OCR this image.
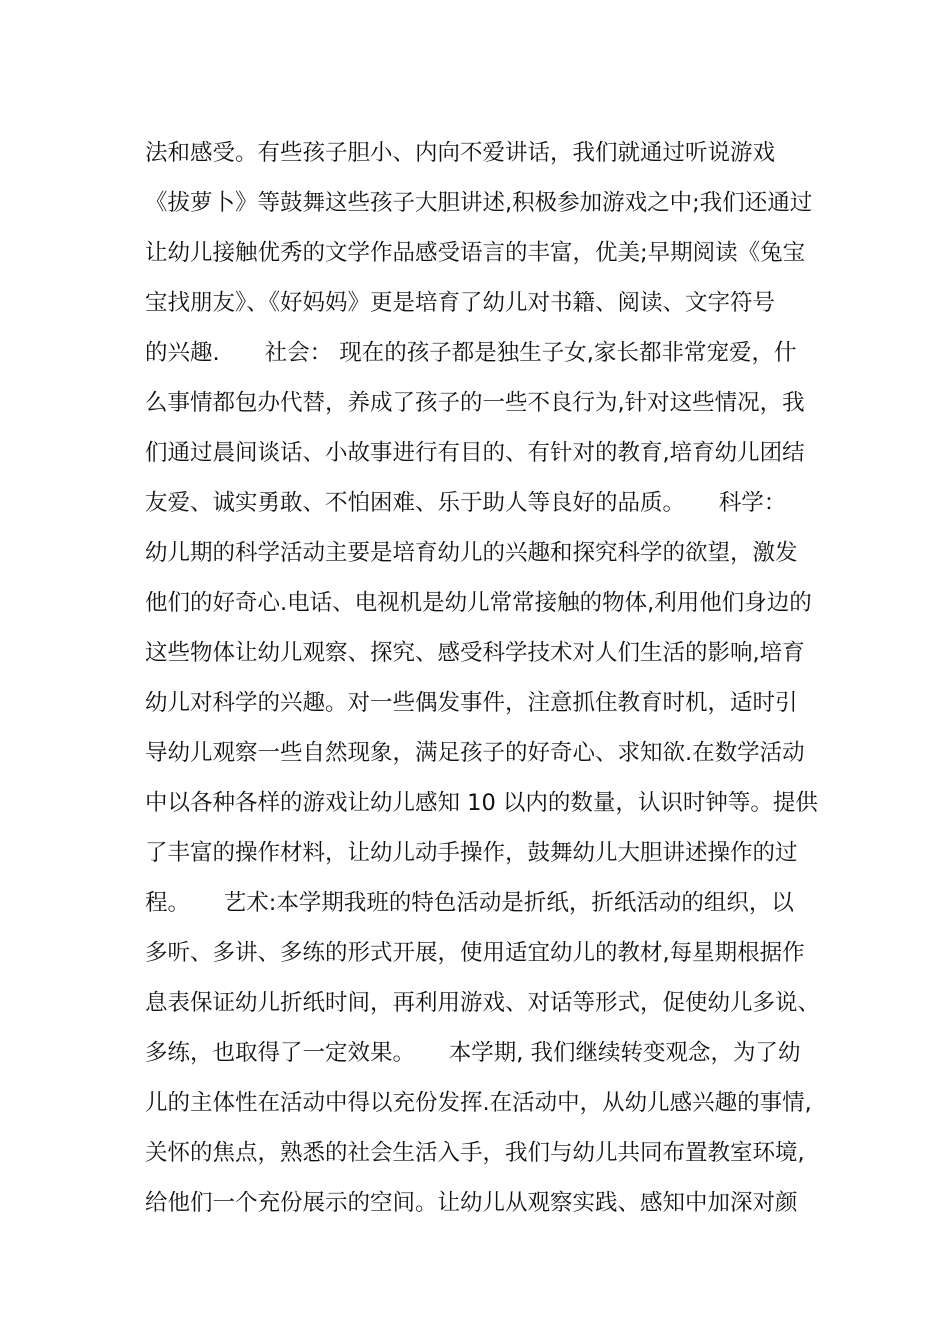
法和感受。有些孩子胆小、内向不爱讲话，我们就通过听说游戏
《拔萝卜》等鼓舞这些孩子大胆讲述,积极参加游戏之中;我们还通过
让幼儿接触优秀的文学作品感受语言的丰富，优美;早期阅读《兔宝
宝找朋友》、《好妈妈》更是培育了幼儿对书籍、阅读、文字符号
的兴趣.　　社会： 现在的孩子都是独生子女,家长都非常宠爱，什
么事情都包办代替，养成了孩子的一些不良行为,针对这些情况，我
们通过晨间谈话、小故事进行有目的、有针对的教育,培育幼儿团结
友爱、诚实勇敢、不怕困难、乐于助人等良好的品质。　　科学：
幼儿期的科学活动主要是培育幼儿的兴趣和探究科学的欲望，激发
他们的好奇心.电话、电视机是幼儿常常接触的物体,利用他们身边的
这些物体让幼儿观察、探究、感受科学技术对人们生活的影响,培育
幼儿对科学的兴趣。对一些偶发事件，注意抓住教育时机，适时引
导幼儿观察一些自然现象，满足孩子的好奇心、求知欲.在数学活动
中以各种各样的游戏让幼儿感知 10 以内的数量，认识时钟等。提供
了丰富的操作材料，让幼儿动手操作，鼓舞幼儿大胆讲述操作的过
程。　　艺术:本学期我班的特色活动是折纸，折纸活动的组织，以
多听、多讲、多练的形式开展，使用适宜幼儿的教材,每星期根据作
息表保证幼儿折纸时间，再利用游戏、对话等形式，促使幼儿多说、
多练，也取得了一定效果。　　本学期, 我们继续转变观念，为了幼
儿的主体性在活动中得以充份发挥.在活动中，从幼儿感兴趣的事情,
关怀的焦点，熟悉的社会生活入手，我们与幼儿共同布置教室环境,
给他们一个充份展示的空间。让幼儿从观察实践、感知中加深对颜
